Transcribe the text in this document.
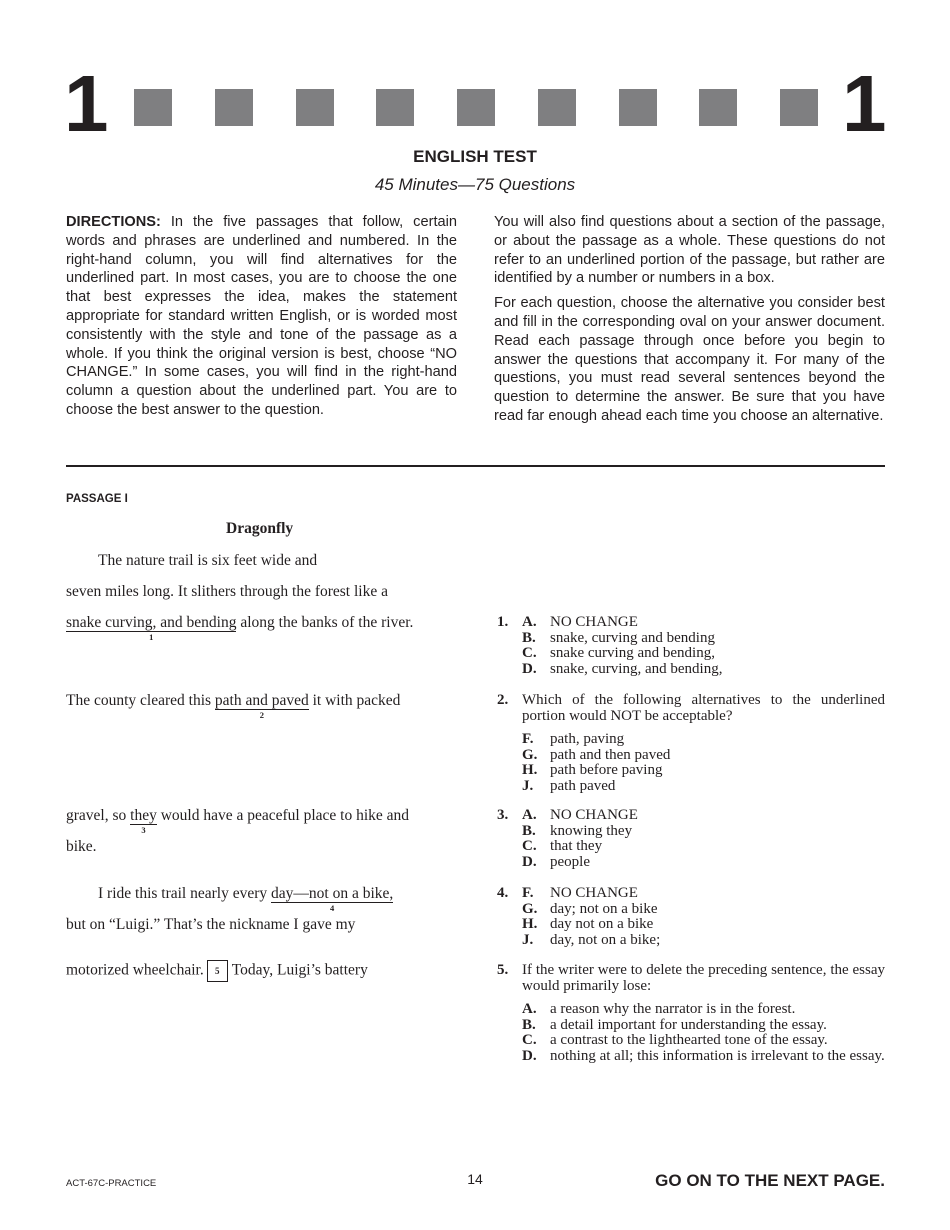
1	1
ENGLISH TEST
45 Minutes—75 Questions

DIRECTIONS: In the five passages that follow, certain words and phrases are underlined and numbered. In the right-hand column, you will find alternatives for the underlined part. In most cases, you are to choose the one that best expresses the idea, makes the statement appropriate for standard written English, or is worded most consistently with the style and tone of the passage as a whole. If you think the original version is best, choose “NO CHANGE.” In some cases, you will find in the right-hand column a question about the underlined part. You are to choose the best answer to the question.

You will also find questions about a section of the passage, or about the passage as a whole. These questions do not refer to an underlined portion of the passage, but rather are identified by a number or numbers in a box.

For each question, choose the alternative you consider best and fill in the corresponding oval on your answer document. Read each passage through once before you begin to answer the questions that accompany it. For many of the questions, you must read several sentences beyond the question to determine the answer. Be sure that you have read far enough ahead each time you choose an alternative.

PASSAGE I
Dragonfly
The nature trail is six feet wide and
seven miles long. It slithers through the forest like a
snake curving, and bending
1
along the banks of the river.
The county cleared this path and paved
2
it with packed
gravel, so they
3
would have a peaceful place to hike and
bike.
I ride this trail nearly every day—not on a bike,
4
but on “Luigi.” That’s the nickname I gave my
motorized wheelchair. 5 Today, Luigi’s battery
1. A. NO CHANGE
B. snake, curving and bending
C. snake curving and bending,
D. snake, curving, and bending,
2. Which of the following alternatives to the underlined portion would NOT be acceptable?
F. path, paving
G. path and then paved
H. path before paving
J. path paved
3. A. NO CHANGE
B. knowing they
C. that they
D. people
4. F. NO CHANGE
G. day; not on a bike
H. day not on a bike
J. day, not on a bike;
5. If the writer were to delete the preceding sentence, the essay would primarily lose:
A. a reason why the narrator is in the forest.
B. a detail important for understanding the essay.
C. a contrast to the lighthearted tone of the essay.
D. nothing at all; this information is irrelevant to the essay.
ACT-67C-PRACTICE	14	GO ON TO THE NEXT PAGE.
